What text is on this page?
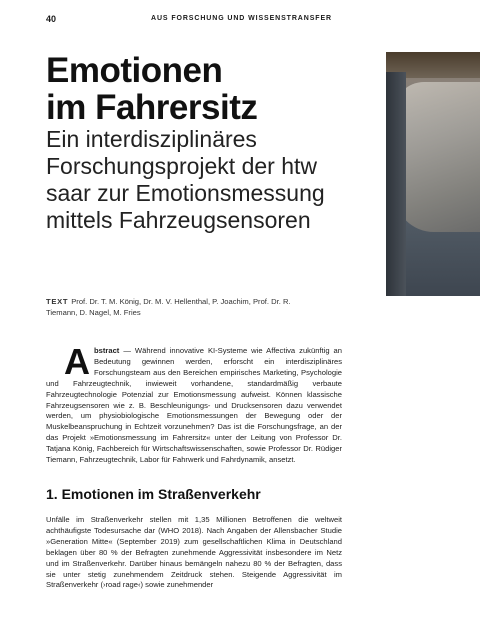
40	AUS FORSCHUNG UND WISSENSTRANSFER
Emotionen
im Fahrersitz
Ein interdisziplinäres Forschungsprojekt der htw saar zur Emotionsmessung mittels Fahrzeugsensoren
TEXT Prof. Dr. T. M. König, Dr. M. V. Hellenthal, P. Joachim, Prof. Dr. R. Tiemann, D. Nagel, M. Fries
Abstract — Während innovative KI-Systeme wie Affectiva zukünftig an Bedeutung gewinnen werden, erforscht ein interdisziplinäres Forschungsteam aus den Bereichen empirisches Marketing, Psychologie und Fahrzeugtechnik, inwieweit vorhandene, standardmäßig verbaute Fahrzeugtechnologie Potenzial zur Emotionsmessung aufweist. Können klassische Fahrzeugsensoren wie z. B. Beschleunigungs- und Drucksensoren dazu verwendet werden, um physiobiologische Emotionsmessungen der Bewegung oder der Muskelbeanspruchung in Echtzeit vorzunehmen? Das ist die Forschungsfrage, an der das Projekt »Emotionsmessung im Fahrersitz« unter der Leitung von Professor Dr. Tatjana König, Fachbereich für Wirtschaftswissenschaften, sowie Professor Dr. Rüdiger Tiemann, Fahrzeugtechnik, Labor für Fahrwerk und Fahrdynamik, ansetzt.
1. Emotionen im Straßenverkehr
Unfälle im Straßenverkehr stellen mit 1,35 Millionen Betroffenen die weltweit achthäufigste Todesursache dar (WHO 2018). Nach Angaben der Allensbacher Studie »Generation Mitte« (September 2019) zum gesellschaftlichen Klima in Deutschland beklagen über 80 % der Befragten zunehmende Aggressivität insbesondere im Netz und im Straßenverkehr. Darüber hinaus bemängeln nahezu 80 % der Befragten, dass sie unter stetig zunehmendem Zeitdruck stehen. Steigende Aggressivität im Straßenverkehr (›road rage‹) sowie zunehmender
